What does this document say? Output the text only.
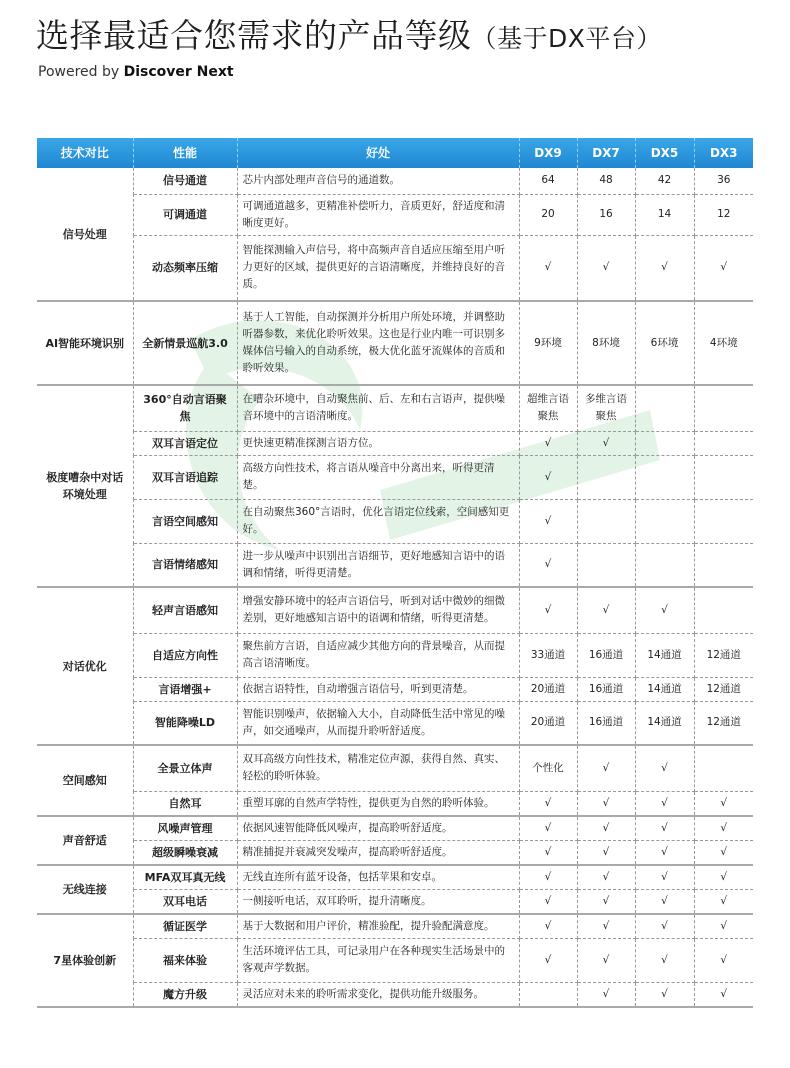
选择最适合您需求的产品等级（基于DX平台）
Powered by Discover Next
技术对比	性能	好处	DX9	DX7	DX5	DX3
信号处理	信号通道	芯片内部处理声音信号的通道数。	64	48	42	36
	可调通道	可调通道越多，更精准补偿听力，音质更好，舒适度和清晰度更好。	20	16	14	12
	动态频率压缩	智能探测输入声信号，将中高频声音自适应压缩至用户听力更好的区域，提供更好的言语清晰度，并维持良好的音质。	√	√	√	√
AI智能环境识别	全新情景巡航3.0	基于人工智能，自动探测并分析用户所处环境，并调整助听器参数，来优化聆听效果。这也是行业内唯一可识别多媒体信号输入的自动系统，极大优化蓝牙流媒体的音质和聆听效果。	9环境	8环境	6环境	4环境
极度嘈杂中对话环境处理	360°自动言语聚焦	在嘈杂环境中，自动聚焦前、后、左和右言语声，提供噪音环境中的言语清晰度。	超维言语聚焦	多维言语聚焦		
	双耳言语定位	更快速更精准探测言语方位。	√	√		
	双耳言语追踪	高级方向性技术，将言语从噪音中分离出来，听得更清楚。	√			
	言语空间感知	在自动聚焦360°言语时，优化言语定位线索，空间感知更好。	√			
	言语情绪感知	进一步从噪声中识别出言语细节，更好地感知言语中的语调和情绪，听得更清楚。	√			
对话优化	轻声言语感知	增强安静环境中的轻声言语信号，听到对话中微妙的细微差别，更好地感知言语中的语调和情绪，听得更清楚。	√	√	√	
	自适应方向性	聚焦前方言语，自适应减少其他方向的背景噪音，从而提高言语清晰度。	33通道	16通道	14通道	12通道
	言语增强+	依据言语特性，自动增强言语信号，听到更清楚。	20通道	16通道	14通道	12通道
	智能降噪LD	智能识别噪声，依据输入大小，自动降低生活中常见的噪声，如交通噪声，从而提升聆听舒适度。	20通道	16通道	14通道	12通道
空间感知	全景立体声	双耳高级方向性技术，精准定位声源，获得自然、真实、轻松的聆听体验。	个性化	√	√	
	自然耳	重塑耳廓的自然声学特性，提供更为自然的聆听体验。	√	√	√	√
声音舒适	风噪声管理	依据风速智能降低风噪声，提高聆听舒适度。	√	√	√	√
	超级瞬噪衰减	精准捕捉并衰减突发噪声，提高聆听舒适度。	√	√	√	√
无线连接	MFA双耳真无线	无线直连所有蓝牙设备，包括苹果和安卓。	√	√	√	√
	双耳电话	一侧接听电话，双耳聆听，提升清晰度。	√	√	√	√
7星体验创新	循证医学	基于大数据和用户评价，精准验配，提升验配满意度。	√	√	√	√
	福来体验	生活环境评估工具，可记录用户在各种现实生活场景中的客观声学数据。	√	√	√	√
	魔方升级	灵活应对未来的聆听需求变化，提供功能升级服务。		√	√	√
